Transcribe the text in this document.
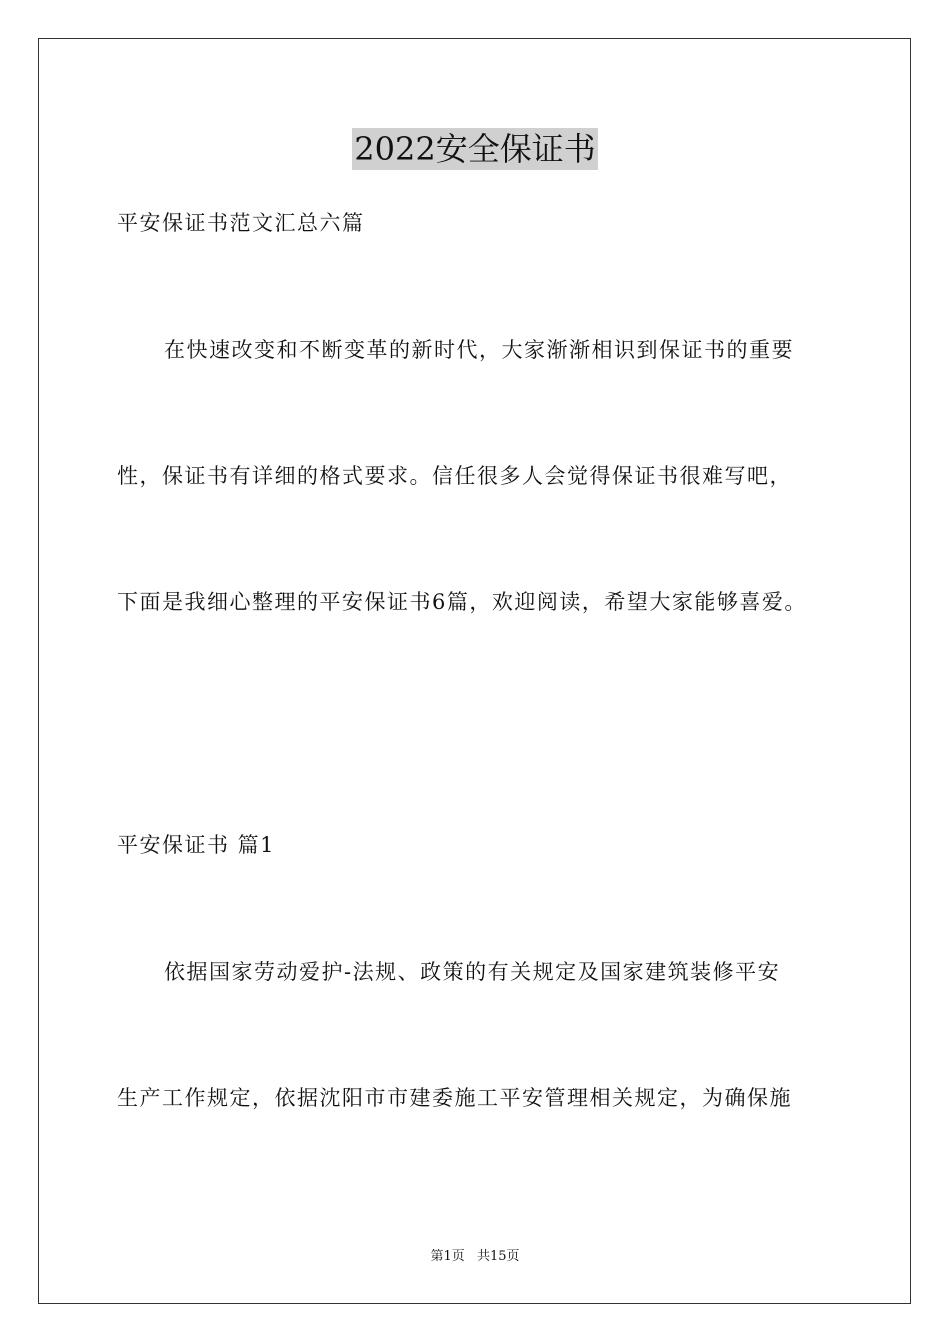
2022安全保证书
平安保证书范文汇总六篇
在快速改变和不断变革的新时代，大家渐渐相识到保证书的重要
性，保证书有详细的格式要求。信任很多人会觉得保证书很难写吧，
下面是我细心整理的平安保证书6篇，欢迎阅读，希望大家能够喜爱。
平安保证书 篇1
依据国家劳动爱护-法规、政策的有关规定及国家建筑装修平安
生产工作规定，依据沈阳市市建委施工平安管理相关规定，为确保施
第1页 共15页
